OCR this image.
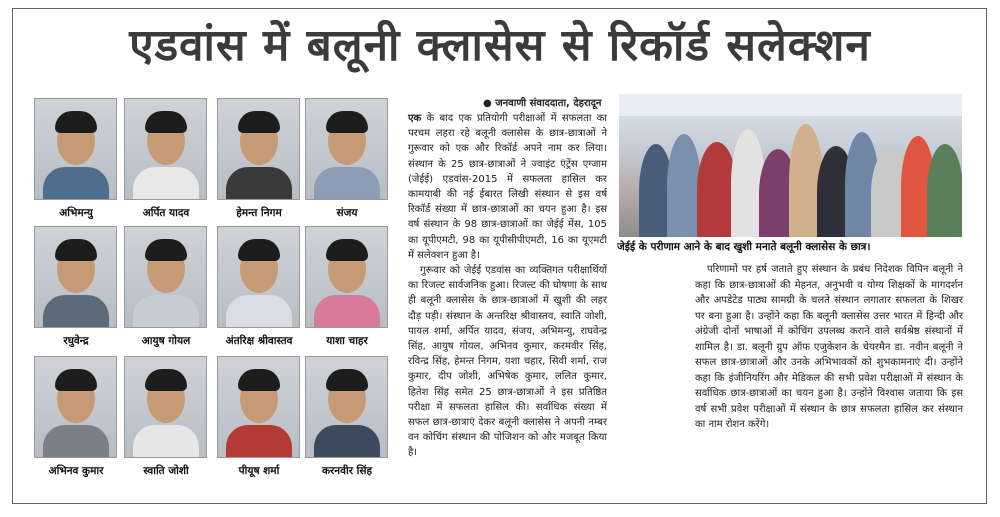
एडवांस में बलूनी क्लासेस से रिकॉर्ड सलेक्शन
अभिमन्यु	अर्पित यादव	हेमन्त निगम	संजय
रघुवेन्द्र	आयुष गोयल	अंतरिक्ष श्रीवास्तव	याशा चाहर
अभिनव कुमार	स्वाति जोशी	पीयूष शर्मा	करनवीर सिंह
● जनवाणी संवाददाता, देहरादून

एक के बाद एक प्रतियोगी परीक्षाओं में सफलता का परचम लहरा रहे बलूनी क्लासेस के छात्र-छात्राओं ने गुरूवार को एक और रिकॉर्ड अपने नाम कर लिया। संस्थान के 25 छात्र-छात्राओं ने ज्वाइंट एंट्रेंस एग्जाम (जेईई) एडवांस-2015 में सफलता हासिल कर कामयाबी की नई ईबारत लिखी संस्थान से इस वर्ष रिकॉर्ड संख्या में छात्र-छात्राओं का चयन हुआ है। इस वर्ष संस्थान के 98 छात्र-छात्राओं का जेईई मेंस, 105 का यूपीएमटी, 98 का यूपीसीपीएमटी, 16 का यूएमटी में सलेक्शन हुआ है।

गुरूवार को जेईई एडवांस का व्यक्तिगत परीक्षार्थियों का रिजल्ट सार्वजनिक हुआ। रिजल्ट की घोषणा के साथ ही बलूनी क्लासेस के छात्र-छात्राओं में खुशी की लहर दौड़ पड़ी। संस्थान के अन्तरिक्ष श्रीवास्तव, स्वाति जोशी, पायल शर्मा, अर्पित यादव, संजय, अभिमन्यु, राघवेन्द्र सिंह, आयुष गोयल, अभिनव कुमार, करमवीर सिंह, रविन्द्र सिंह, हेमन्त निगम, यशा चहार, सिवी शर्मा, राज कुमार, दीप जोशी, अभिषेक कुमार, ललित कुमार, हितेश सिंह समेत 25 छात्र-छात्राओं ने इस प्रतिष्ठित परीक्षा में सफलता हासिल की। सर्वाधिक संख्या में सफल छात्र-छात्राएं देकर बलूनी क्लासेस ने अपनी नम्बर वन कोचिंग संस्थान की पोजिशन को और मजबूत किया है।

जेईई के परीणाम आने के बाद खुशी मनाते बलूनी क्लासेस के छात्र।

परिणामों पर हर्ष जताते हुए संस्थान के प्रबंध निदेशक विपिन बलूनी ने कहा कि छात्र-छात्राओं की मेहनत, अनुभवी व योग्य शिक्षकों के मागदर्शन और अपडेटेड पाठ्य सामग्री के चलते संस्थान लगातार सफलता के शिखर पर बना हुआ है। उन्होंने कहा कि बलूनी क्लासेस उत्तर भारत में हिन्दी और अंग्रेजी दोनों भाषाओं में कोचिंग उपलब्ध कराने वाले सर्वश्रेष्ठ संस्थानों में शामिल है। डा. बलूनी ग्रुप ऑफ एजुकेशन के चेयरमैन डा. नवीन बलूनी ने सफल छात्र-छात्राओं और उनके अभिभावकों को शुभकामनाएं दी। उन्होंने कहा कि इंजीनियरिंग और मेडिकल की सभी प्रवेश परीक्षाओं में संस्थान के सर्वाधिक छात्र-छात्राओं का चयन हुआ है। उन्होंने विश्वास जताया कि इस वर्ष सभी प्रवेश परीक्षाओं में संस्थान के छात्र सफलता हासिल कर संस्थान का नाम रोशन करेंगे।
